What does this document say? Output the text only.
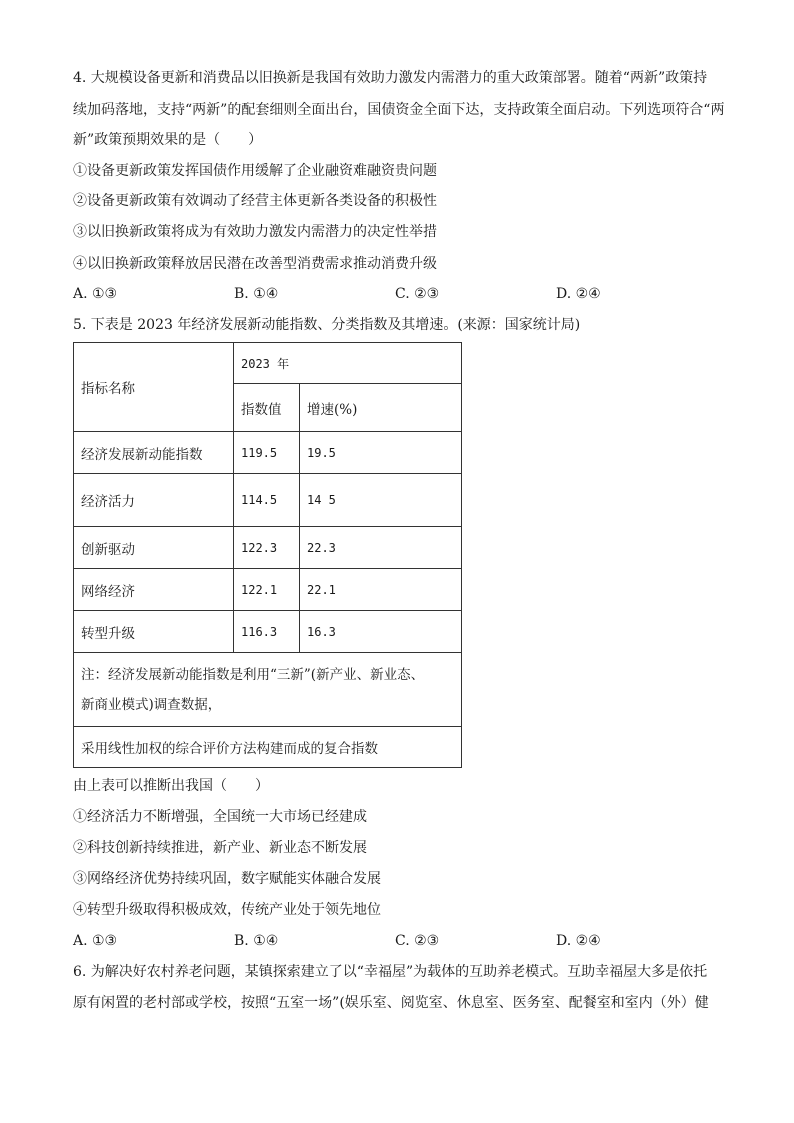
4. 大规模设备更新和消费品以旧换新是我国有效助力激发内需潜力的重大政策部署。随着“两新”政策持
续加码落地，支持“两新”的配套细则全面出台，国债资金全面下达，支持政策全面启动。下列选项符合“两
新”政策预期效果的是（　　）
①设备更新政策发挥国债作用缓解了企业融资难融资贵问题
②设备更新政策有效调动了经营主体更新各类设备的积极性
③以旧换新政策将成为有效助力激发内需潜力的决定性举措
④以旧换新政策释放居民潜在改善型消费需求推动消费升级
A. ①③	B. ①④	C. ②③	D. ②④
5. 下表是 2023 年经济发展新动能指数、分类指数及其增速。(来源：国家统计局)
指标名称	2023 年	
	指数值	增速(%)
经济发展新动能指数	119.5	19.5
经济活力	114.5	14 5
创新驱动	122.3	22.3
网络经济	122.1	22.1
转型升级	116.3	16.3

注：经济发展新动能指数是利用“三新”(新产业、新业态、
新商业模式)调查数据，		

采用线性加权的综合评价方法构建而成的复合指数		
由上表可以推断出我国（　　）
①经济活力不断增强，全国统一大市场已经建成
②科技创新持续推进，新产业、新业态不断发展
③网络经济优势持续巩固，数字赋能实体融合发展
④转型升级取得积极成效，传统产业处于领先地位
A. ①③	B. ①④	C. ②③	D. ②④
6. 为解决好农村养老问题，某镇探索建立了以“幸福屋”为载体的互助养老模式。互助幸福屋大多是依托
原有闲置的老村部或学校，按照“五室一场”(娱乐室、阅览室、休息室、医务室、配餐室和室内（外）健
